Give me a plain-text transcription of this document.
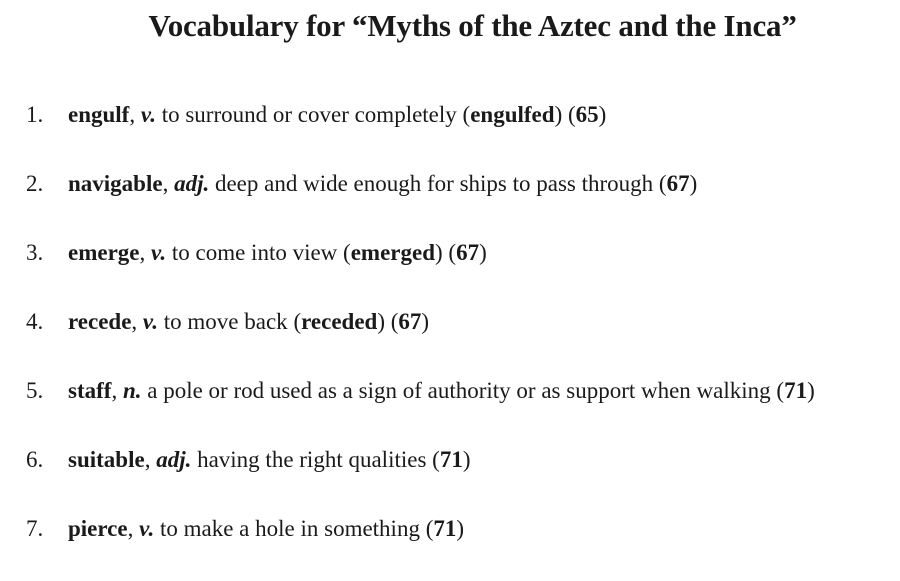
Vocabulary for “Myths of the Aztec and the Inca”
1. engulf, v. to surround or cover completely (engulfed) (65)
2. navigable, adj. deep and wide enough for ships to pass through (67)
3. emerge, v. to come into view (emerged) (67)
4. recede, v. to move back (receded) (67)
5. staff, n. a pole or rod used as a sign of authority or as support when walking (71)
6. suitable, adj. having the right qualities (71)
7. pierce, v. to make a hole in something (71)
